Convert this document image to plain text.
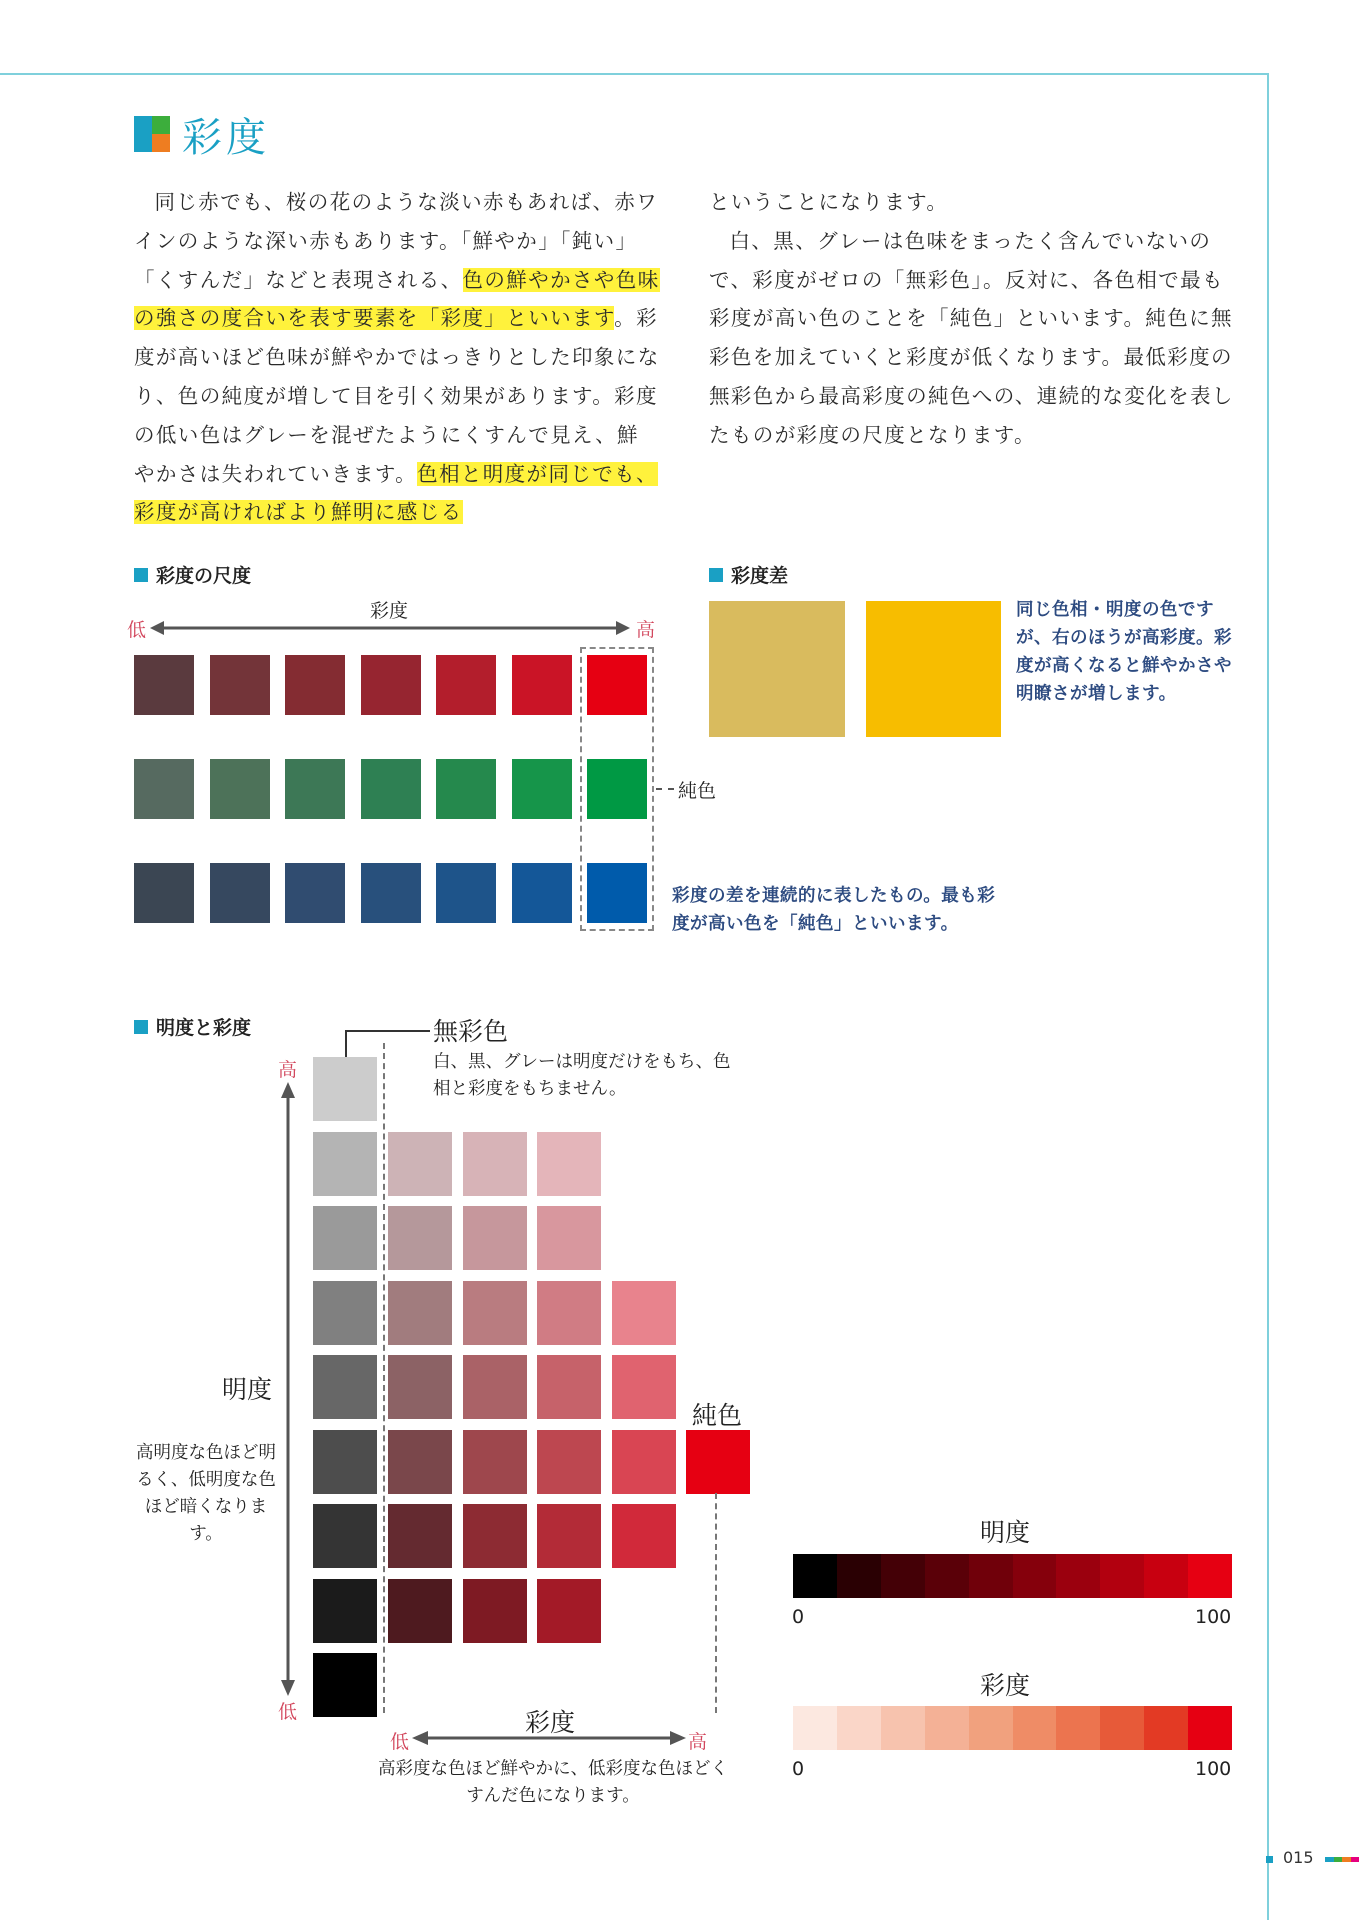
彩度

同じ赤でも、桜の花のような淡い赤もあれば、赤ワインのような深い赤もあります。「鮮やか」「鈍い」「くすんだ」などと表現される、色の鮮やかさや色味の強さの度合いを表す要素を「彩度」といいます。彩度が高いほど色味が鮮やかではっきりとした印象になり、色の純度が増して目を引く効果があります。彩度の低い色はグレーを混ぜたようにくすんで見え、鮮やかさは失われていきます。色相と明度が同じでも、彩度が高ければより鮮明に感じる

ということになります。

白、黒、グレーは色味をまったく含んでいないので、彩度がゼロの「無彩色」。反対に、各色相で最も彩度が高い色のことを「純色」といいます。純色に無彩色を加えていくと彩度が低くなります。最低彩度の無彩色から最高彩度の純色への、連続的な変化を表したものが彩度の尺度となります。

彩度の尺度
低	高
彩度
純色
彩度の差を連続的に表したもの。最も彩度が高い色を「純色」といいます。
彩度差
同じ色相・明度の色ですが、右のほうが高彩度。彩度が高くなると鮮やかさや明瞭さが増します。
明度と彩度	無彩色
白、黒、グレーは明度だけをもち、色相と彩度をもちません。
高
低
明度
高明度な色ほど明るく、低明度な色ほど暗くなります。
純色
彩度
低	高
高彩度な色ほど鮮やかに、低彩度な色ほどくすんだ色になります。
明度
0	100
彩度
0	100
015
